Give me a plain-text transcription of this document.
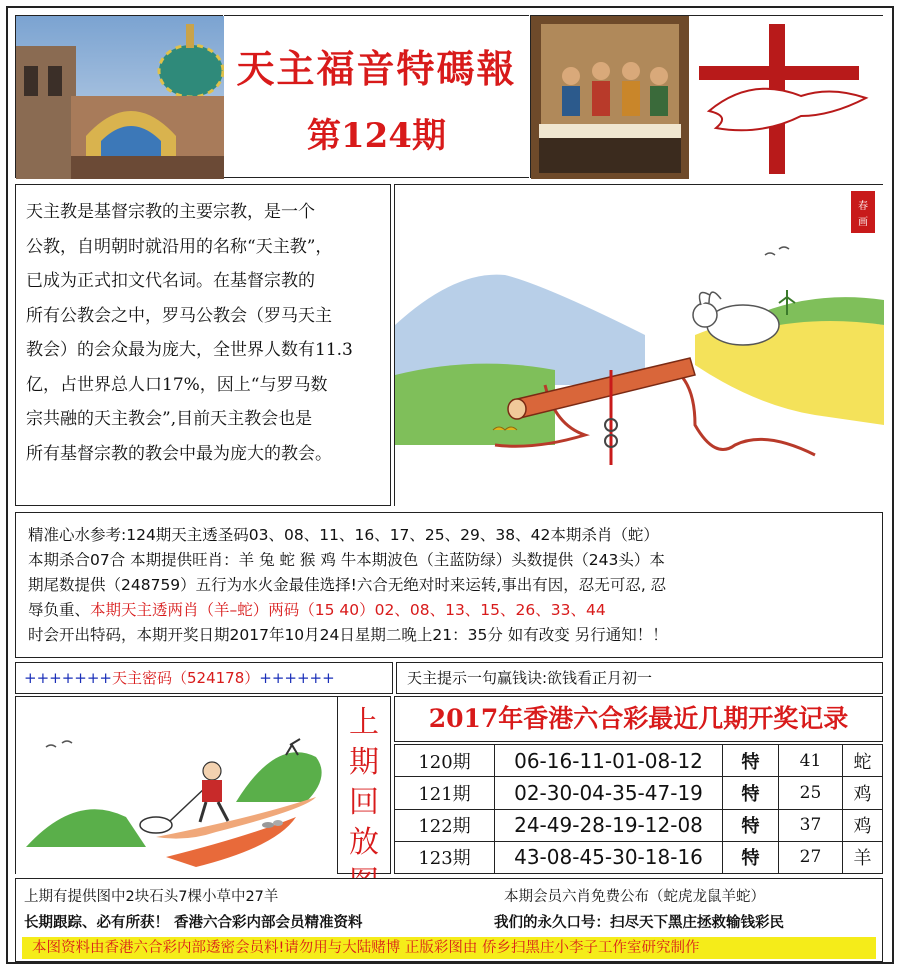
天主福音特碼報
第124期
天主教是基督宗教的主要宗教，是一个
公教，自明朝时就沿用的名称“天主教”，
已成为正式扣文代名词。在基督宗教的
所有公教会之中，罗马公教会（罗马天主
教会）的会众最为庞大，全世界人数有11.3
亿，占世界总人口17%，因上“与罗马数
宗共融的天主教会”,目前天主教会也是
所有基督宗教的教会中最为庞大的教会。
春
画

精准心水参考:124期天主透圣码03、08、11、16、17、25、29、38、42本期杀肖（蛇）

本期杀合07合 本期提供旺肖：羊 兔 蛇 猴 鸡 牛本期波色（主蓝防绿）头数提供（243头）本

期尾数提供（248759）五行为水火金最佳选择!六合无绝对时来运转,事出有因，忍无可忍, 忍

辱负重、本期天主透两肖（羊–蛇）两码（15 40）02、08、13、15、26、33、44

时会开出特码，本期开奖日期2017年10月24日星期二晚上21：35分 如有改变 另行通知！！

+++++++天主密码（524178）++++++	天主提示一句赢钱诀:欲钱看正月初一
上
期
回
放
2017年香港六合彩最近几期开奖记录
120期	06-16-11-01-08-12	特	41	蛇
121期	02-30-04-35-47-19	特	25	鸡
122期	24-49-28-19-12-08	特	37	鸡
123期	43-08-45-30-18-16	特	27	羊
上期有提供图中2块石头7棵小草中27羊	本期会员六肖免费公布（蛇虎龙鼠羊蛇）
长期跟踪、必有所获！ 香港六合彩内部会员精准资料	我们的永久口号：扫尽天下黑庄拯救输钱彩民
本图资料由香港六合彩内部透密会员料!请勿用与大陆赌博 正版彩图由 侨乡扫黑庄小李子工作室研究制作
